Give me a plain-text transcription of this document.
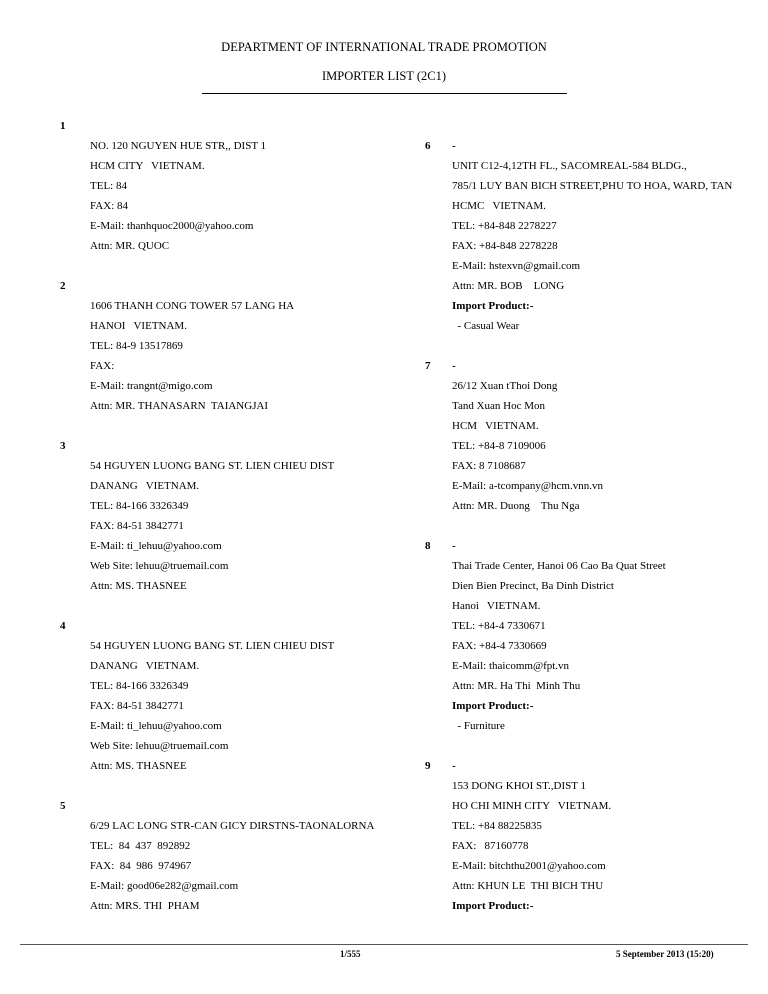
DEPARTMENT OF INTERNATIONAL TRADE PROMOTION
IMPORTER LIST (2C1)
1
NO. 120 NGUYEN HUE STR,, DIST 1
HCM CITY   VIETNAM.
TEL: 84
FAX: 84
E-Mail: thanhquoc2000@yahoo.com
Attn: MR. QUOC
2
1606 THANH CONG TOWER 57 LANG HA
HANOI   VIETNAM.
TEL: 84-9 13517869
FAX:
E-Mail: trangnt@migo.com
Attn: MR. THANASARN  TAIANGJAI
3
54 HGUYEN LUONG BANG ST. LIEN CHIEU DIST
DANANG   VIETNAM.
TEL: 84-166 3326349
FAX: 84-51 3842771
E-Mail: ti_lehuu@yahoo.com
Web Site: lehuu@truemail.com
Attn: MS. THASNEE
4
54 HGUYEN LUONG BANG ST. LIEN CHIEU DIST
DANANG   VIETNAM.
TEL: 84-166 3326349
FAX: 84-51 3842771
E-Mail: ti_lehuu@yahoo.com
Web Site: lehuu@truemail.com
Attn: MS. THASNEE
5
6/29 LAC LONG STR-CAN GICY DIRSTNS-TAONALORNA
TEL:  84  437  892892
FAX:  84  986  974967
E-Mail: good06e282@gmail.com
Attn: MRS. THI  PHAM
6 -
UNIT C12-4,12TH FL., SACOMREAL-584 BLDG.,
785/1 LUY BAN BICH STREET,PHU TO HOA, WARD, TAN
HCMC   VIETNAM.
TEL: +84-848 2278227
FAX: +84-848 2278228
E-Mail: hstexvn@gmail.com
Attn: MR. BOB    LONG
Import Product:-
- Casual Wear
7 -
26/12 Xuan tThoi Dong
Tand Xuan Hoc Mon
HCM   VIETNAM.
TEL: +84-8 7109006
FAX: 8 7108687
E-Mail: a-tcompany@hcm.vnn.vn
Attn: MR. Duong    Thu Nga
8 -
Thai Trade Center, Hanoi 06 Cao Ba Quat Street
Dien Bien Precinct, Ba Dinh District
Hanoi   VIETNAM.
TEL: +84-4 7330671
FAX: +84-4 7330669
E-Mail: thaicomm@fpt.vn
Attn: MR. Ha Thi  Minh Thu
Import Product:-
- Furniture
9 -
153 DONG KHOI ST.,DIST 1
HO CHI MINH CITY   VIETNAM.
TEL: +84 88225835
FAX:   87160778
E-Mail: bitchthu2001@yahoo.com
Attn: KHUN LE  THI BICH THU
Import Product:-
1/555	5 September 2013 (15:20)
